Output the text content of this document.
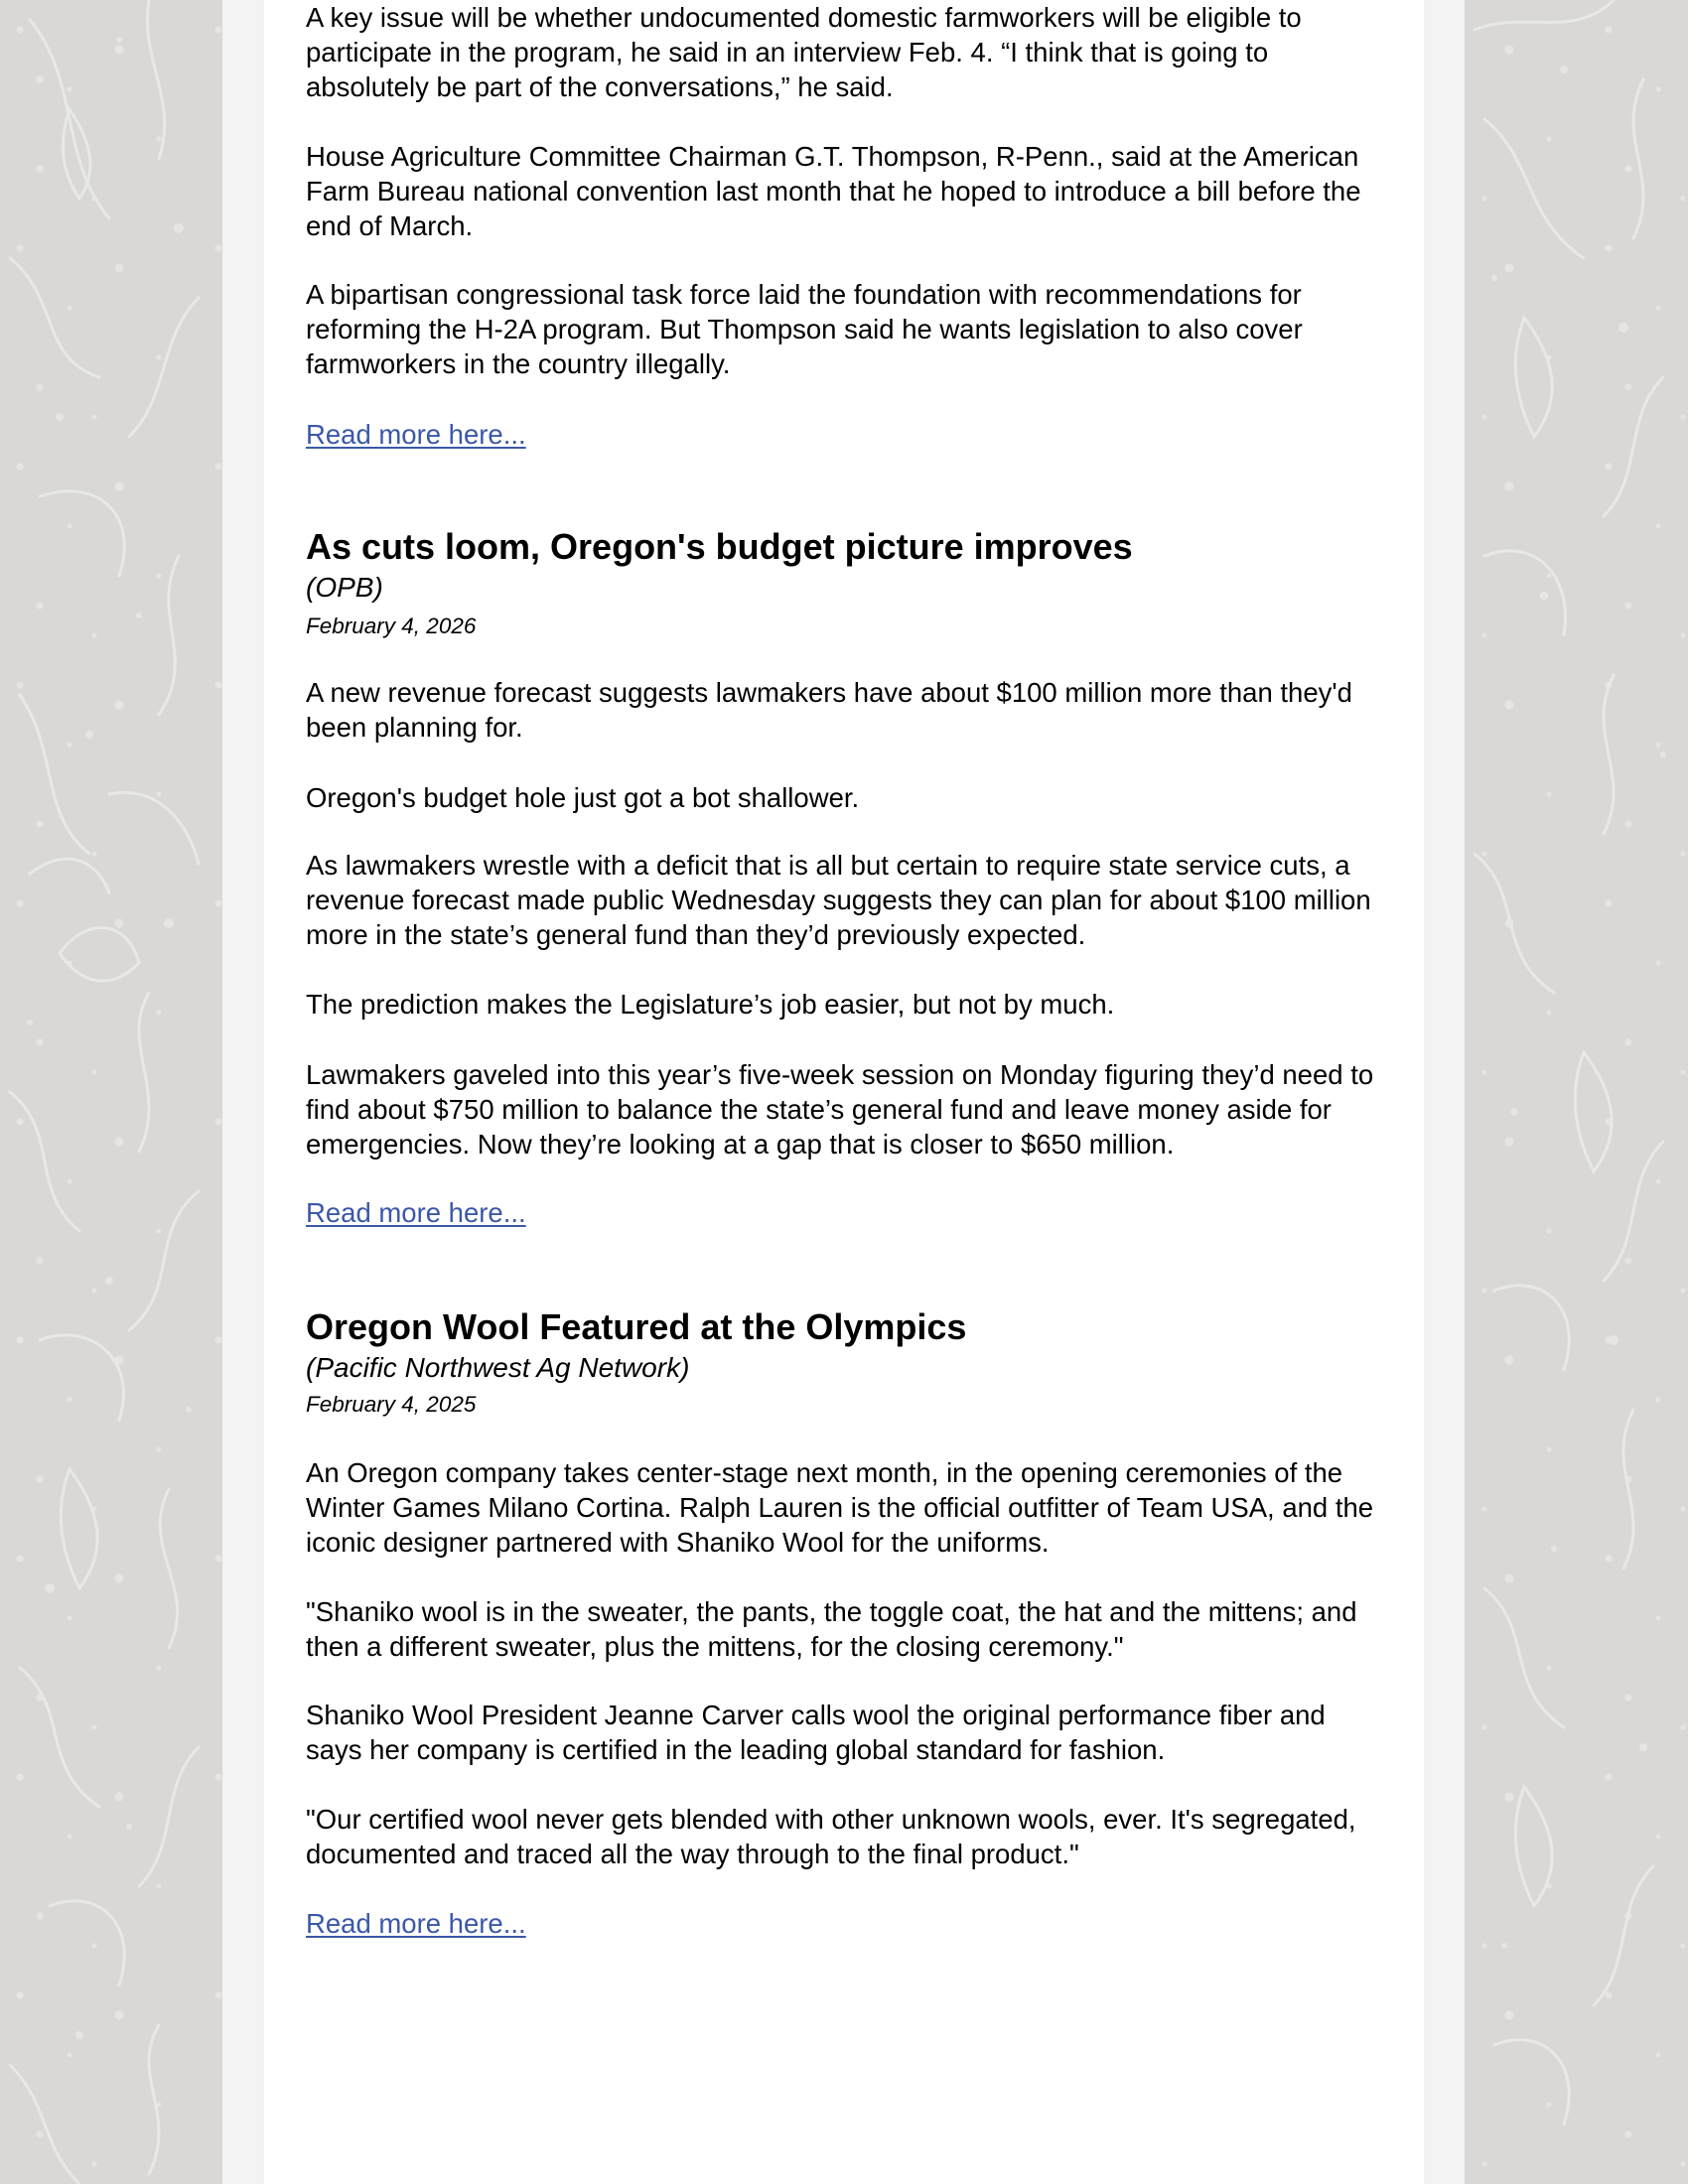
A key issue will be whether undocumented domestic farmworkers will be eligible to participate in the program, he said in an interview Feb. 4. “I think that is going to absolutely be part of the conversations,” he said.

House Agriculture Committee Chairman G.T. Thompson, R-Penn., said at the American Farm Bureau national convention last month that he hoped to introduce a bill before the end of March.

A bipartisan congressional task force laid the foundation with recommendations for reforming the H-2A program. But Thompson said he wants legislation to also cover farmworkers in the country illegally.

Read more here...
As cuts loom, Oregon's budget picture improves
(OPB)
February 4, 2026

A new revenue forecast suggests lawmakers have about $100 million more than they'd been planning for.

Oregon's budget hole just got a bot shallower.

As lawmakers wrestle with a deficit that is all but certain to require state service cuts, a revenue forecast made public Wednesday suggests they can plan for about $100 million more in the state’s general fund than they’d previously expected.

The prediction makes the Legislature’s job easier, but not by much.

Lawmakers gaveled into this year’s five-week session on Monday figuring they’d need to find about $750 million to balance the state’s general fund and leave money aside for emergencies. Now they’re looking at a gap that is closer to $650 million.

Read more here...
Oregon Wool Featured at the Olympics
(Pacific Northwest Ag Network)
February 4, 2025

An Oregon company takes center-stage next month, in the opening ceremonies of the Winter Games Milano Cortina. Ralph Lauren is the official outfitter of Team USA, and the iconic designer partnered with Shaniko Wool for the uniforms.

"Shaniko wool is in the sweater, the pants, the toggle coat, the hat and the mittens; and then a different sweater, plus the mittens, for the closing ceremony."

Shaniko Wool President Jeanne Carver calls wool the original performance fiber and says her company is certified in the leading global standard for fashion.

"Our certified wool never gets blended with other unknown wools, ever. It's segregated, documented and traced all the way through to the final product."

Read more here...
